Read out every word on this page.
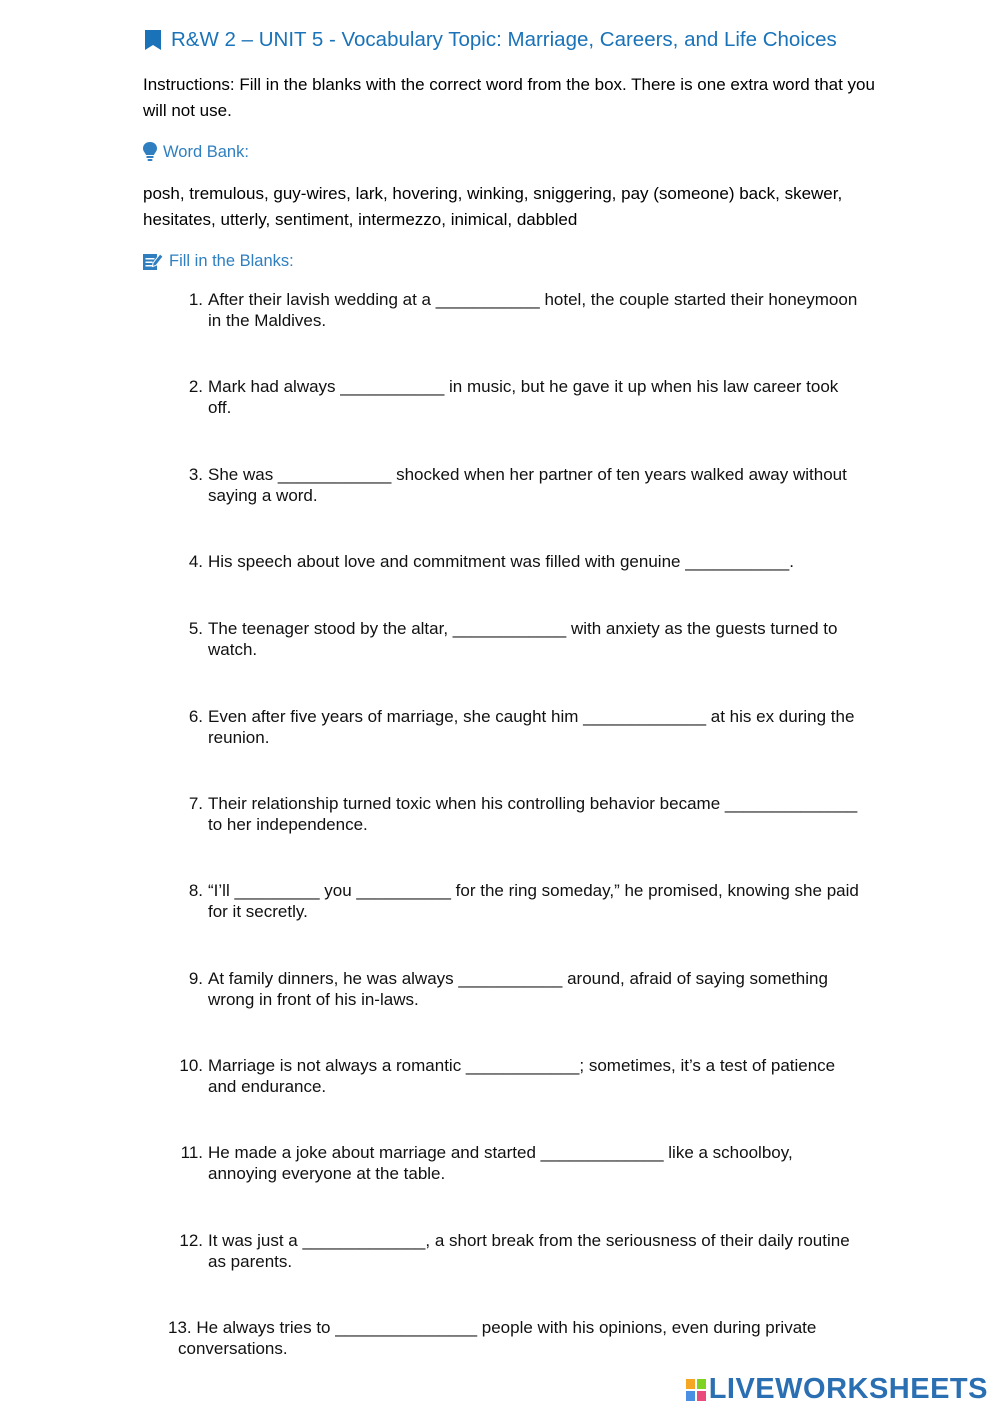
R&W 2 – UNIT 5 - Vocabulary Topic: Marriage, Careers, and Life Choices
Instructions: Fill in the blanks with the correct word from the box. There is one extra word that you will not use.
Word Bank:
posh, tremulous, guy-wires, lark, hovering, winking, sniggering, pay (someone) back, skewer, hesitates, utterly, sentiment, intermezzo, inimical, dabbled
Fill in the Blanks:
1. After their lavish wedding at a ___________ hotel, the couple started their honeymoon in the Maldives.
2. Mark had always ___________ in music, but he gave it up when his law career took off.
3. She was ____________ shocked when her partner of ten years walked away without saying a word.
4. His speech about love and commitment was filled with genuine ___________.
5. The teenager stood by the altar, ____________ with anxiety as the guests turned to watch.
6. Even after five years of marriage, she caught him _____________ at his ex during the reunion.
7. Their relationship turned toxic when his controlling behavior became ______________ to her independence.
8. “I’ll _________ you __________ for the ring someday,” he promised, knowing she paid for it secretly.
9. At family dinners, he was always ___________ around, afraid of saying something wrong in front of his in-laws.
10. Marriage is not always a romantic ____________; sometimes, it’s a test of patience and endurance.
11. He made a joke about marriage and started _____________ like a schoolboy, annoying everyone at the table.
12. It was just a _____________, a short break from the seriousness of their daily routine as parents.
13. He always tries to _______________ people with his opinions, even during private
conversations.
LIVEWORKSHEETS
